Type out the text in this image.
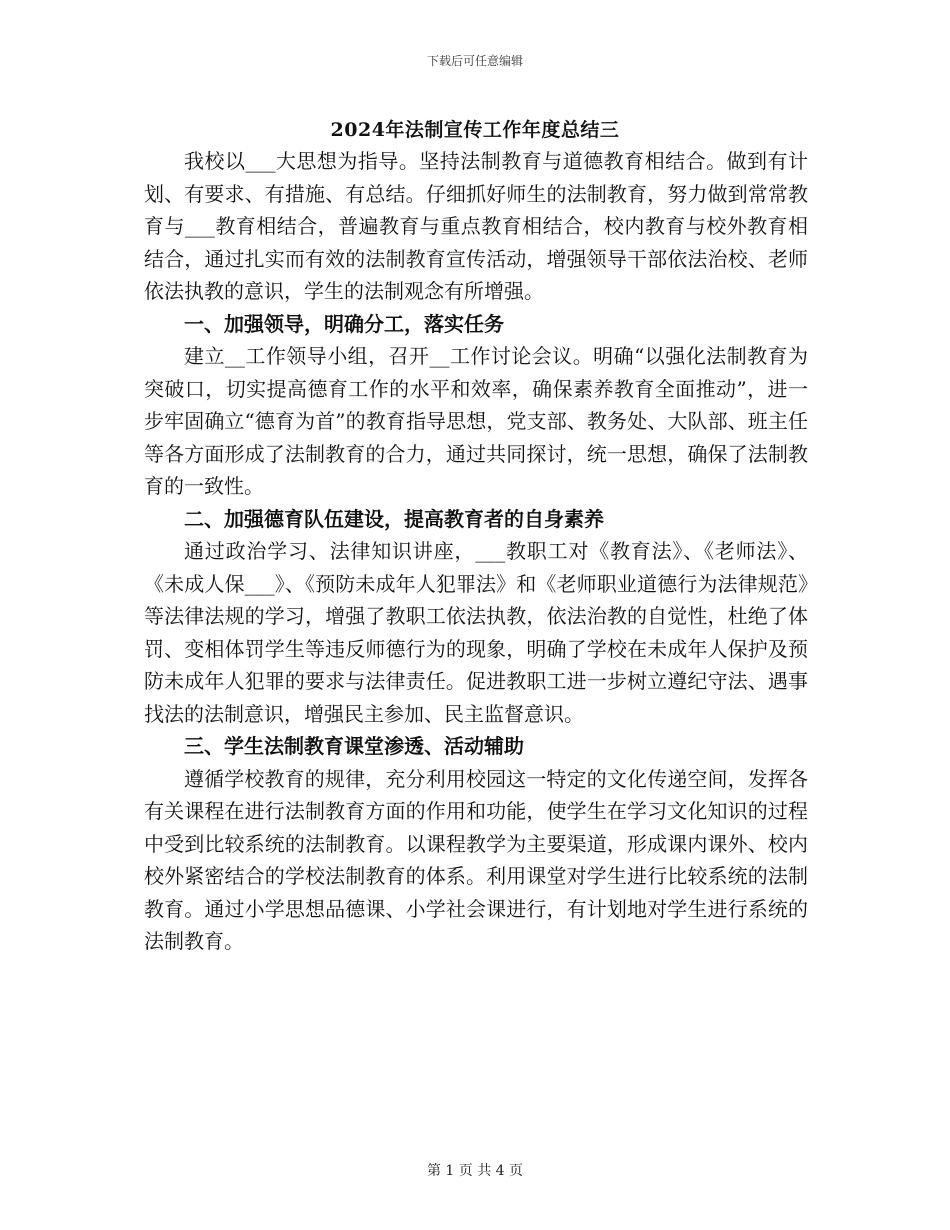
下载后可任意编辑
2024年法制宣传工作年度总结三

我校以___大思想为指导。坚持法制教育与道德教育相结合。做到有计划、有要求、有措施、有总结。仔细抓好师生的法制教育，努力做到常常教育与___教育相结合，普遍教育与重点教育相结合，校内教育与校外教育相结合，通过扎实而有效的法制教育宣传活动，增强领导干部依法治校、老师依法执教的意识，学生的法制观念有所增强。

一、加强领导，明确分工，落实任务

建立__工作领导小组，召开__工作讨论会议。明确“以强化法制教育为突破口，切实提高德育工作的水平和效率，确保素养教育全面推动”，进一步牢固确立“德育为首”的教育指导思想，党支部、教务处、大队部、班主任等各方面形成了法制教育的合力，通过共同探讨，统一思想，确保了法制教育的一致性。

二、加强德育队伍建设，提高教育者的自身素养

通过政治学习、法律知识讲座，___教职工对《教育法》、《老师法》、《未成人保___》、《预防未成年人犯罪法》和《老师职业道德行为法律规范》等法律法规的学习，增强了教职工依法执教，依法治教的自觉性，杜绝了体罚、变相体罚学生等违反师德行为的现象，明确了学校在未成年人保护及预防未成年人犯罪的要求与法律责任。促进教职工进一步树立遵纪守法、遇事找法的法制意识，增强民主参加、民主监督意识。

三、学生法制教育课堂渗透、活动辅助

遵循学校教育的规律，充分利用校园这一特定的文化传递空间，发挥各有关课程在进行法制教育方面的作用和功能，使学生在学习文化知识的过程中受到比较系统的法制教育。以课程教学为主要渠道，形成课内课外、校内校外紧密结合的学校法制教育的体系。利用课堂对学生进行比较系统的法制教育。通过小学思想品德课、小学社会课进行，有计划地对学生进行系统的法制教育。

第 1 页 共 4 页
